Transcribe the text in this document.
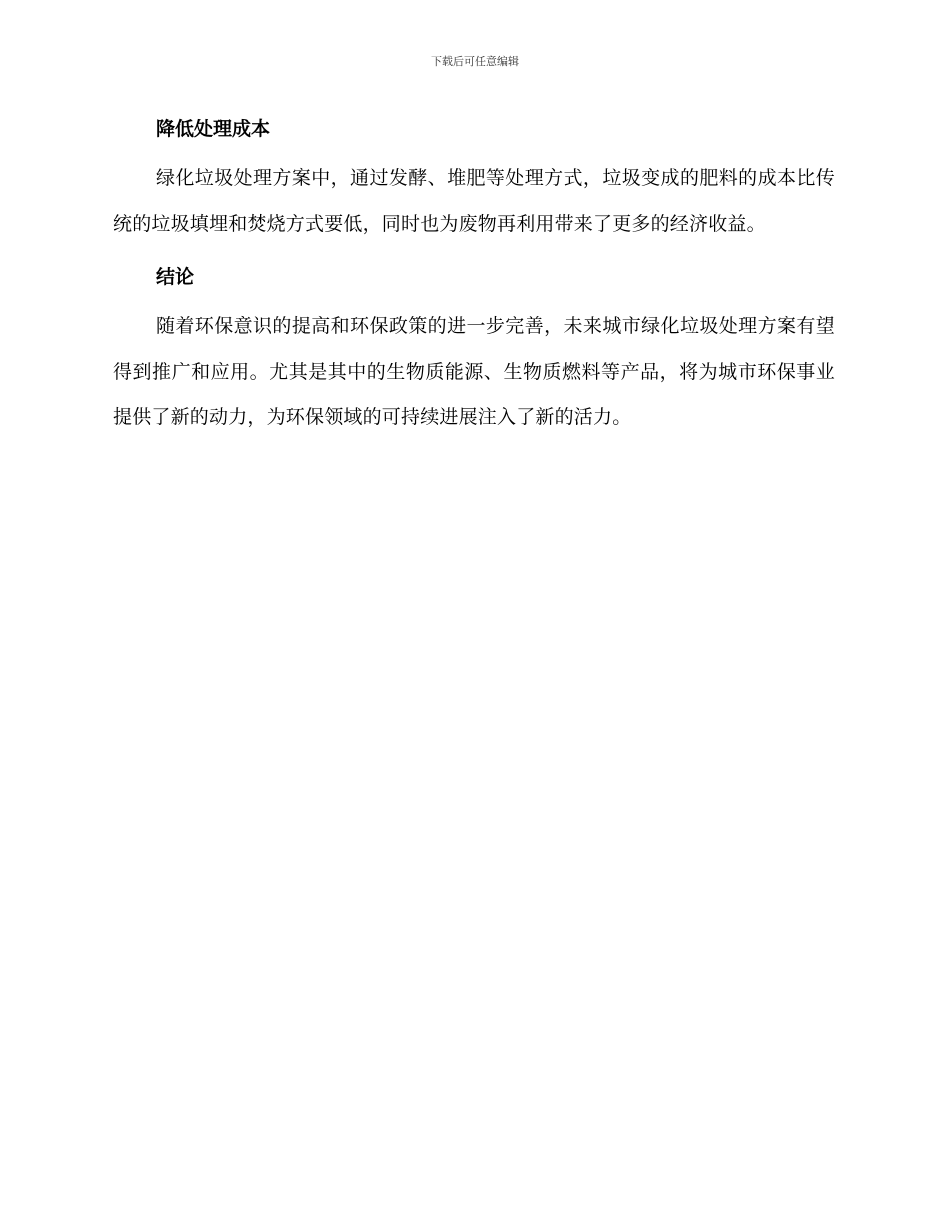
下载后可任意编辑
降低处理成本

绿化垃圾处理方案中，通过发酵、堆肥等处理方式，垃圾变成的肥料的成本比传统的垃圾填埋和焚烧方式要低，同时也为废物再利用带来了更多的经济收益。

结论

随着环保意识的提高和环保政策的进一步完善，未来城市绿化垃圾处理方案有望得到推广和应用。尤其是其中的生物质能源、生物质燃料等产品，将为城市环保事业提供了新的动力，为环保领域的可持续进展注入了新的活力。
